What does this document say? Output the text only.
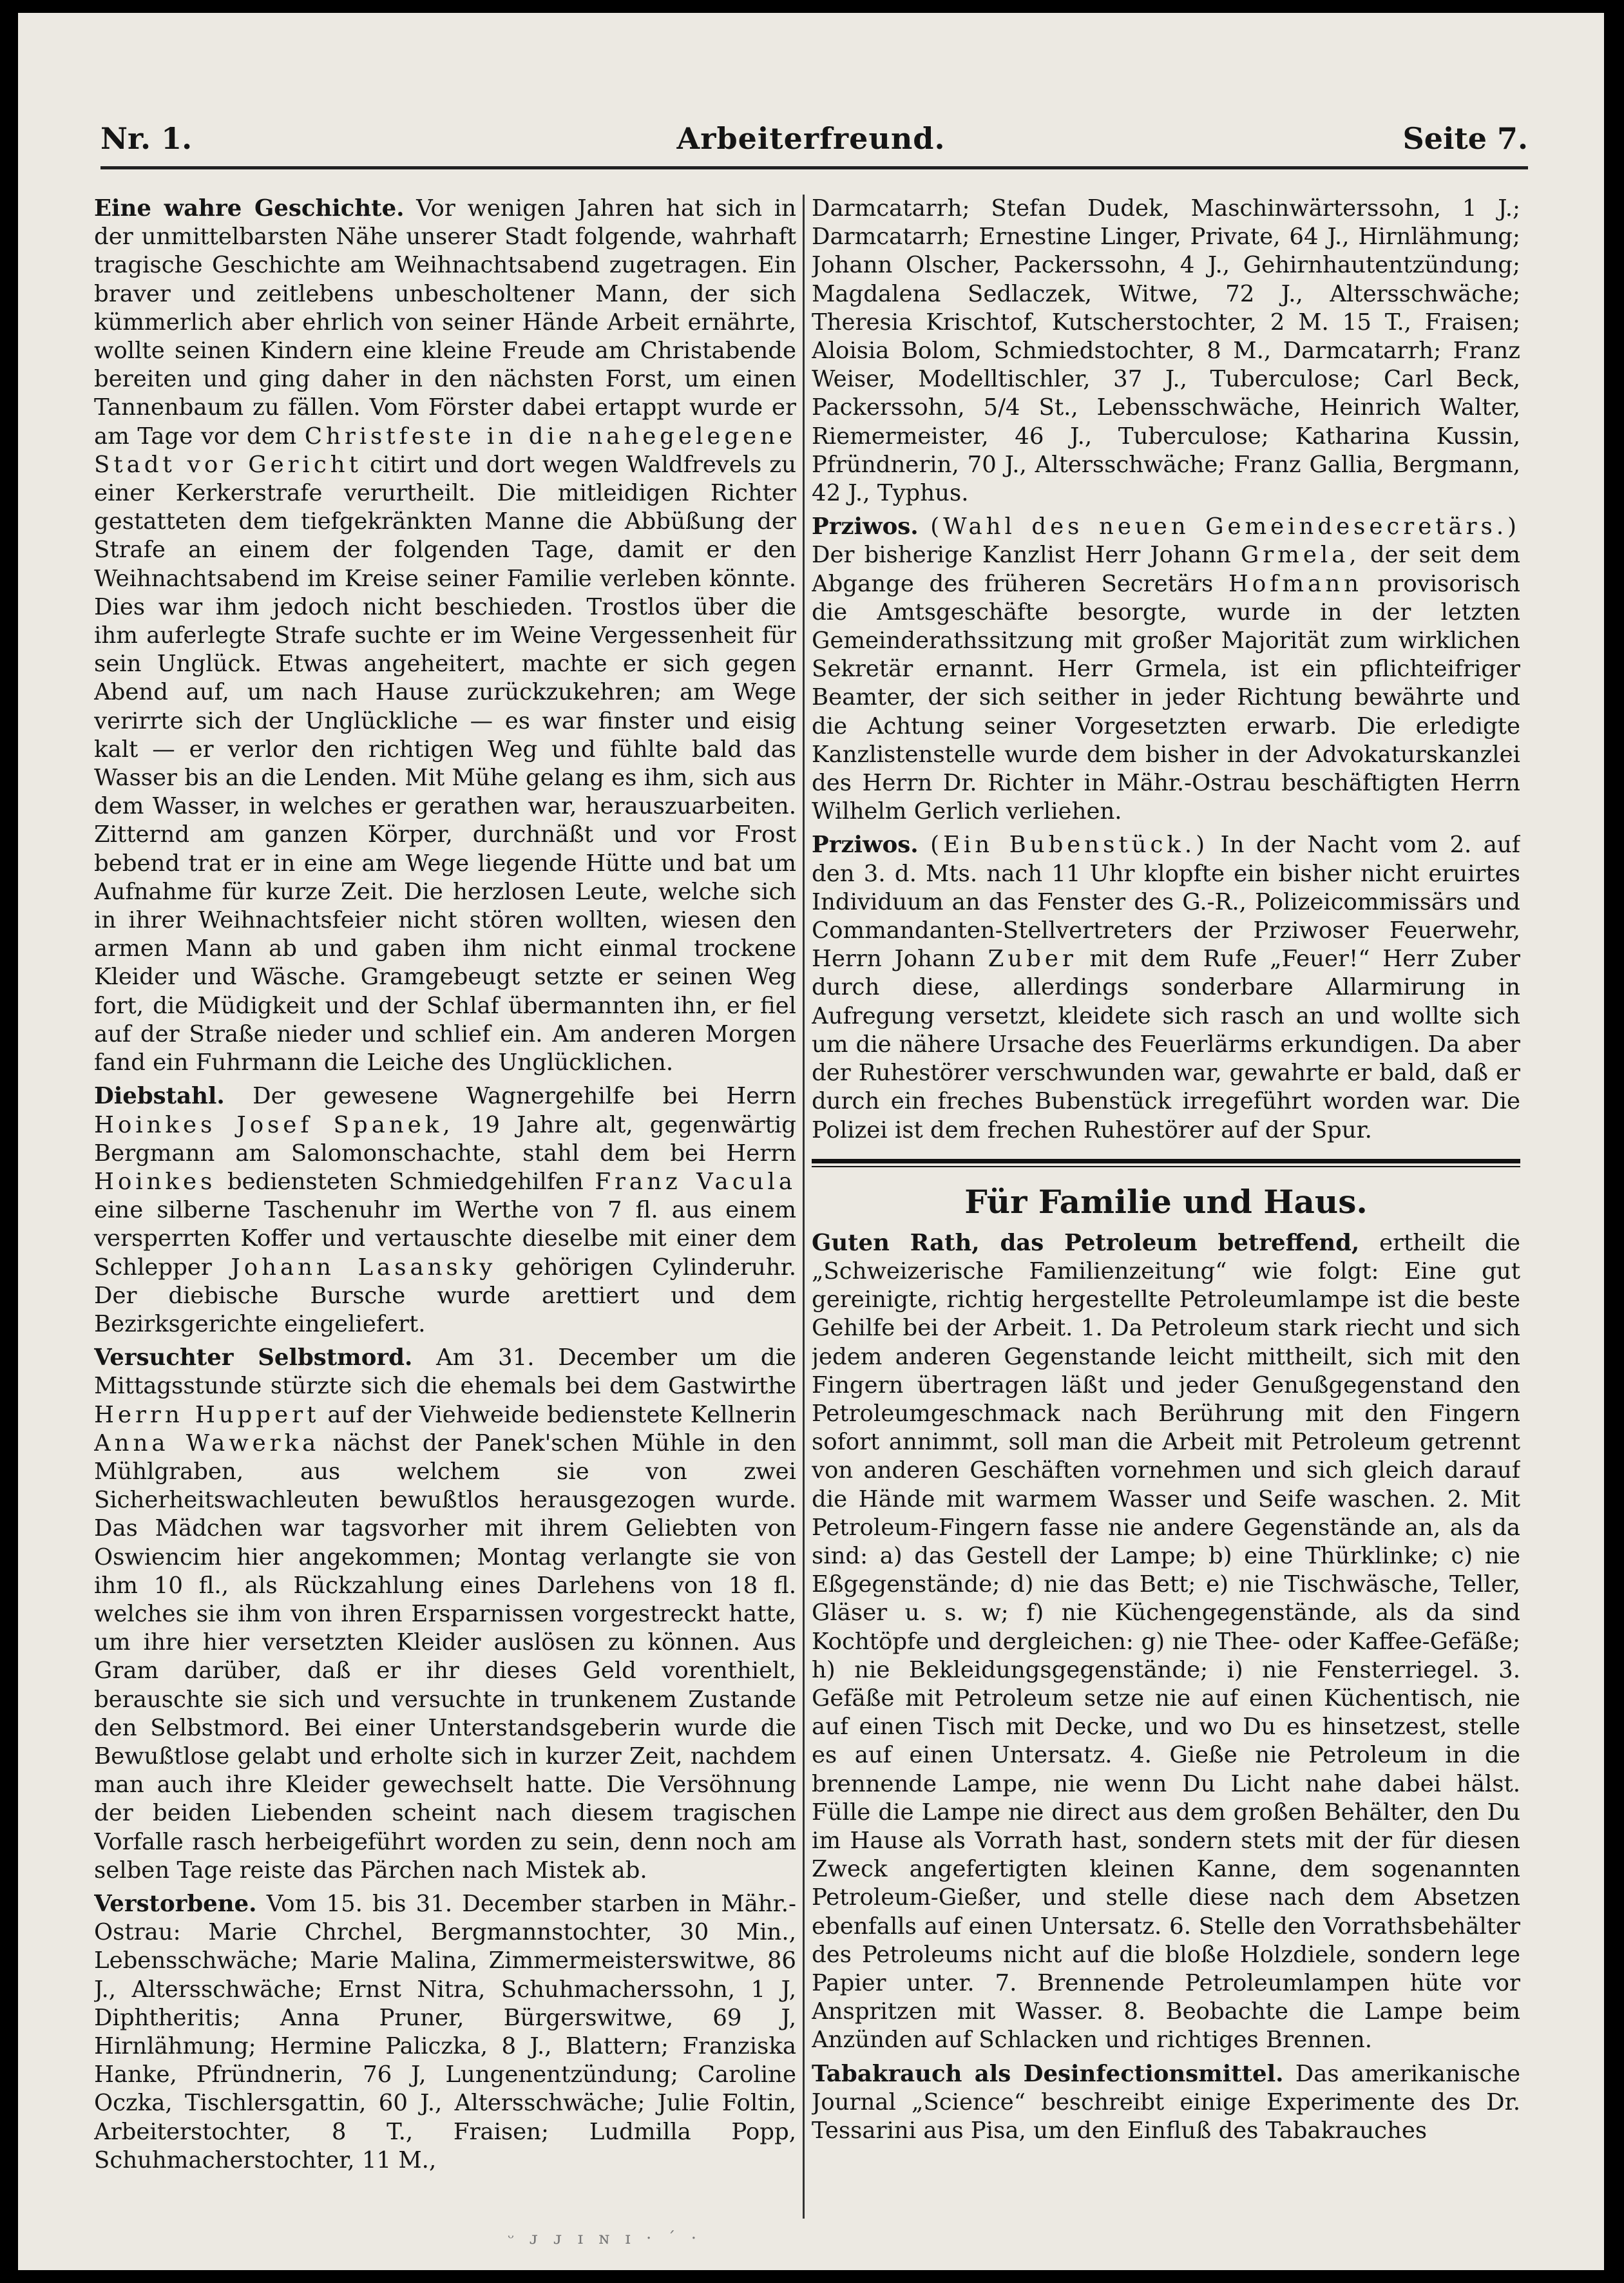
Arbeiterfreund.
Nr. 1.	Seite 7.

Eine wahre Geschichte. Vor wenigen Jahren hat sich in der unmittelbarsten Nähe unserer Stadt folgende, wahrhaft tragische Geschichte am Weihnachtsabend zugetragen. Ein braver und zeitlebens unbescholtener Mann, der sich kümmerlich aber ehrlich von seiner Hände Arbeit ernährte, wollte seinen Kindern eine kleine Freude am Christabende bereiten und ging daher in den nächsten Forst, um einen Tannenbaum zu fällen. Vom Förster dabei ertappt wurde er am Tage vor dem Christfeste in die nahegelegene Stadt vor Gericht citirt und dort wegen Waldfrevels zu einer Kerkerstrafe verurtheilt. Die mitleidigen Richter gestatteten dem tiefgekränkten Manne die Abbüßung der Strafe an einem der folgenden Tage, damit er den Weihnachtsabend im Kreise seiner Familie verleben könnte. Dies war ihm jedoch nicht beschieden. Trostlos über die ihm auferlegte Strafe suchte er im Weine Vergessenheit für sein Unglück. Etwas angeheitert, machte er sich gegen Abend auf, um nach Hause zurückzukehren; am Wege verirrte sich der Unglückliche — es war finster und eisig kalt — er verlor den richtigen Weg und fühlte bald das Wasser bis an die Lenden. Mit Mühe gelang es ihm, sich aus dem Wasser, in welches er gerathen war, herauszuarbeiten. Zitternd am ganzen Körper, durchnäßt und vor Frost bebend trat er in eine am Wege liegende Hütte und bat um Aufnahme für kurze Zeit. Die herzlosen Leute, welche sich in ihrer Weihnachtsfeier nicht stören wollten, wiesen den armen Mann ab und gaben ihm nicht einmal trockene Kleider und Wäsche. Gramgebeugt setzte er seinen Weg fort, die Müdigkeit und der Schlaf übermannten ihn, er fiel auf der Straße nieder und schlief ein. Am anderen Morgen fand ein Fuhrmann die Leiche des Unglücklichen.

Diebstahl. Der gewesene Wagnergehilfe bei Herrn Hoinkes Josef Spanek, 19 Jahre alt, gegenwärtig Bergmann am Salomonschachte, stahl dem bei Herrn Hoinkes bediensteten Schmiedgehilfen Franz Vacula eine silberne Taschenuhr im Werthe von 7 fl. aus einem versperrten Koffer und vertauschte dieselbe mit einer dem Schlepper Johann Lasansky gehörigen Cylinderuhr. Der diebische Bursche wurde arettiert und dem Bezirksgerichte eingeliefert.

Versuchter Selbstmord. Am 31. December um die Mittagsstunde stürzte sich die ehemals bei dem Gastwirthe Herrn Huppert auf der Viehweide bedienstete Kellnerin Anna Wawerka nächst der Panek'schen Mühle in den Mühlgraben, aus welchem sie von zwei Sicherheitswachleuten bewußtlos herausgezogen wurde. Das Mädchen war tagsvorher mit ihrem Geliebten von Oswiencim hier angekommen; Montag verlangte sie von ihm 10 fl., als Rückzahlung eines Darlehens von 18 fl. welches sie ihm von ihren Ersparnissen vorgestreckt hatte, um ihre hier versetzten Kleider auslösen zu können. Aus Gram darüber, daß er ihr dieses Geld vorenthielt, berauschte sie sich und versuchte in trunkenem Zustande den Selbstmord. Bei einer Unterstandsgeberin wurde die Bewußtlose gelabt und erholte sich in kurzer Zeit, nachdem man auch ihre Kleider gewechselt hatte. Die Versöhnung der beiden Liebenden scheint nach diesem tragischen Vorfalle rasch herbeigeführt worden zu sein, denn noch am selben Tage reiste das Pärchen nach Mistek ab.

Verstorbene. Vom 15. bis 31. December starben in Mähr.-Ostrau: Marie Chrchel, Bergmannstochter, 30 Min., Lebensschwäche; Marie Malina, Zimmermeisterswitwe, 86 J., Altersschwäche; Ernst Nitra, Schuhmacherssohn, 1 J, Diphtheritis; Anna Pruner, Bürgerswitwe, 69 J, Hirnlähmung; Hermine Paliczka, 8 J., Blattern; Franziska Hanke, Pfründnerin, 76 J, Lungenentzündung; Caroline Oczka, Tischlersgattin, 60 J., Altersschwäche; Julie Foltin, Arbeiterstochter, 8 T., Fraisen; Ludmilla Popp, Schuhmacherstochter, 11 M.,

Darmcatarrh; Stefan Dudek, Maschinwärterssohn, 1 J.; Darmcatarrh; Ernestine Linger, Private, 64 J., Hirnlähmung; Johann Olscher, Packerssohn, 4 J., Gehirnhautentzündung; Magdalena Sedlaczek, Witwe, 72 J., Altersschwäche; Theresia Krischtof, Kutscherstochter, 2 M. 15 T., Fraisen; Aloisia Bolom, Schmiedstochter, 8 M., Darmcatarrh; Franz Weiser, Modelltischler, 37 J., Tuberculose; Carl Beck, Packerssohn, 5/4 St., Lebensschwäche, Heinrich Walter, Riemermeister, 46 J., Tuberculose; Katharina Kussin, Pfründnerin, 70 J., Altersschwäche; Franz Gallia, Bergmann, 42 J., Typhus.

Prziwos. (Wahl des neuen Gemeindesecretärs.) Der bisherige Kanzlist Herr Johann Grmela, der seit dem Abgange des früheren Secretärs Hofmann provisorisch die Amtsgeschäfte besorgte, wurde in der letzten Gemeinderathssitzung mit großer Majorität zum wirklichen Sekretär ernannt. Herr Grmela, ist ein pflichteifriger Beamter, der sich seither in jeder Richtung bewährte und die Achtung seiner Vorgesetzten erwarb. Die erledigte Kanzlistenstelle wurde dem bisher in der Advokaturskanzlei des Herrn Dr. Richter in Mähr.-Ostrau beschäftigten Herrn Wilhelm Gerlich verliehen.

Prziwos. (Ein Bubenstück.) In der Nacht vom 2. auf den 3. d. Mts. nach 11 Uhr klopfte ein bisher nicht eruirtes Individuum an das Fenster des G.-R., Polizeicommissärs und Commandanten-Stellvertreters der Prziwoser Feuerwehr, Herrn Johann Zuber mit dem Rufe „Feuer!“ Herr Zuber durch diese, allerdings sonderbare Allarmirung in Aufregung versetzt, kleidete sich rasch an und wollte sich um die nähere Ursache des Feuerlärms erkundigen. Da aber der Ruhestörer verschwunden war, gewahrte er bald, daß er durch ein freches Bubenstück irregeführt worden war. Die Polizei ist dem frechen Ruhestörer auf der Spur.

Für Familie und Haus.

Guten Rath, das Petroleum betreffend, ertheilt die „Schweizerische Familienzeitung“ wie folgt: Eine gut gereinigte, richtig hergestellte Petroleumlampe ist die beste Gehilfe bei der Arbeit. 1. Da Petroleum stark riecht und sich jedem anderen Gegenstande leicht mittheilt, sich mit den Fingern übertragen läßt und jeder Genußgegenstand den Petroleumgeschmack nach Berührung mit den Fingern sofort annimmt, soll man die Arbeit mit Petroleum getrennt von anderen Geschäften vornehmen und sich gleich darauf die Hände mit warmem Wasser und Seife waschen. 2. Mit Petroleum-Fingern fasse nie andere Gegenstände an, als da sind: a) das Gestell der Lampe; b) eine Thürklinke; c) nie Eßgegenstände; d) nie das Bett; e) nie Tischwäsche, Teller, Gläser u. s. w; f) nie Küchengegenstände, als da sind Kochtöpfe und dergleichen: g) nie Thee- oder Kaffee-Gefäße; h) nie Bekleidungsgegenstände; i) nie Fensterriegel. 3. Gefäße mit Petroleum setze nie auf einen Küchentisch, nie auf einen Tisch mit Decke, und wo Du es hinsetzest, stelle es auf einen Untersatz. 4. Gieße nie Petroleum in die brennende Lampe, nie wenn Du Licht nahe dabei hälst. Fülle die Lampe nie direct aus dem großen Behälter, den Du im Hause als Vorrath hast, sondern stets mit der für diesen Zweck angefertigten kleinen Kanne, dem sogenannten Petroleum-Gießer, und stelle diese nach dem Absetzen ebenfalls auf einen Untersatz. 6. Stelle den Vorrathsbehälter des Petroleums nicht auf die bloße Holzdiele, sondern lege Papier unter. 7. Brennende Petroleumlampen hüte vor Anspritzen mit Wasser. 8. Beobachte die Lampe beim Anzünden auf Schlacken und richtiges Brennen.

Tabakrauch als Desinfectionsmittel. Das amerikanische Journal „Science“ beschreibt einige Experimente des Dr. Tessarini aus Pisa, um den Einfluß des Tabakrauches

ᵕ ᴊ ᴊ ɪ ɴ ɪ · ˊ ·
